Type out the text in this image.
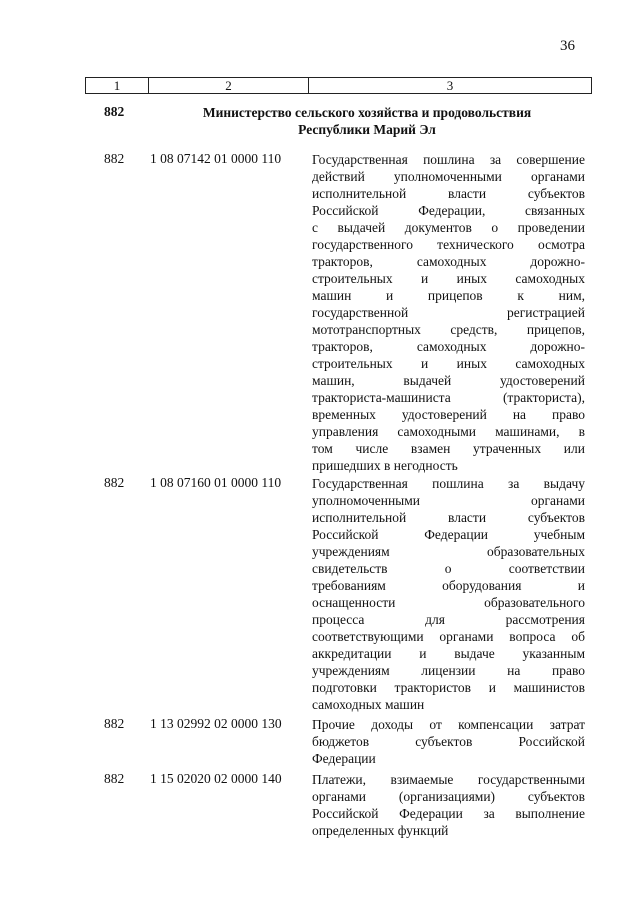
36
1	2	3
882	Министерство сельского хозяйства и продовольствия
Республики Марий Эл
882 1 08 07142 01 0000 110 Государственная пошлина за совершение
действий уполномоченными органами
исполнительной власти субъектов
Российской Федерации, связанных
с выдачей документов о проведении
государственного технического осмотра
тракторов, самоходных дорожно-
строительных и иных самоходных
машин и прицепов к ним,
государственной регистрацией
мототранспортных средств, прицепов,
тракторов, самоходных дорожно-
строительных и иных самоходных
машин, выдачей удостоверений
тракториста-машиниста (тракториста),
временных удостоверений на право
управления самоходными машинами, в
том числе взамен утраченных или
пришедших в негодность
882 1 08 07160 01 0000 110 Государственная пошлина за выдачу
уполномоченными органами
исполнительной власти субъектов
Российской Федерации учебным
учреждениям образовательных
свидетельств о соответствии
требованиям оборудования и
оснащенности образовательного
процесса для рассмотрения
соответствующими органами вопроса об
аккредитации и выдаче указанным
учреждениям лицензии на право
подготовки трактористов и машинистов
самоходных машин
882 1 13 02992 02 0000 130 Прочие доходы от компенсации затрат
бюджетов субъектов Российской
Федерации
882 1 15 02020 02 0000 140 Платежи, взимаемые государственными
органами (организациями) субъектов
Российской Федерации за выполнение
определенных функций
